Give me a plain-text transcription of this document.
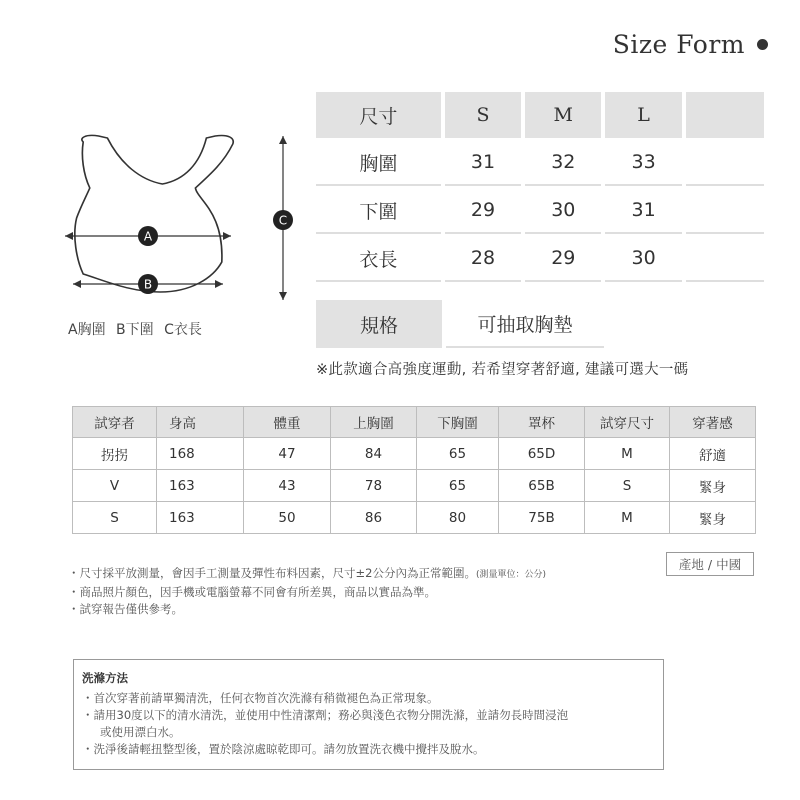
Size Form
A
B
C
A胸圍 B下圍 C衣長
尺寸	S	M	L
胸圍	31	32	33
下圍	29	30	31
衣長	28	29	30
規格	可抽取胸墊
※此款適合高強度運動, 若希望穿著舒適, 建議可選大一碼
試穿者	身高	體重	上胸圍	下胸圍	罩杯	試穿尺寸	穿著感
拐拐	168	47	84	65	65D	M	舒適
V	163	43	78	65	65B	S	緊身
S	163	50	86	80	75B	M	緊身
產地 / 中國
・尺寸採平放測量，會因手工測量及彈性布料因素，尺寸±2公分內為正常範圍。(測量單位：公分)
・商品照片顏色，因手機或電腦螢幕不同會有所差異，商品以實品為準。
・試穿報告僅供參考。
洗滌方法
・首次穿著前請單獨清洗，任何衣物首次洗滌有稍微褪色為正常現象。
・請用30度以下的清水清洗，並使用中性清潔劑；務必與淺色衣物分開洗滌，並請勿長時間浸泡
或使用漂白水。
・洗淨後請輕扭整型後，置於陰涼處晾乾即可。請勿放置洗衣機中攪拌及脫水。
